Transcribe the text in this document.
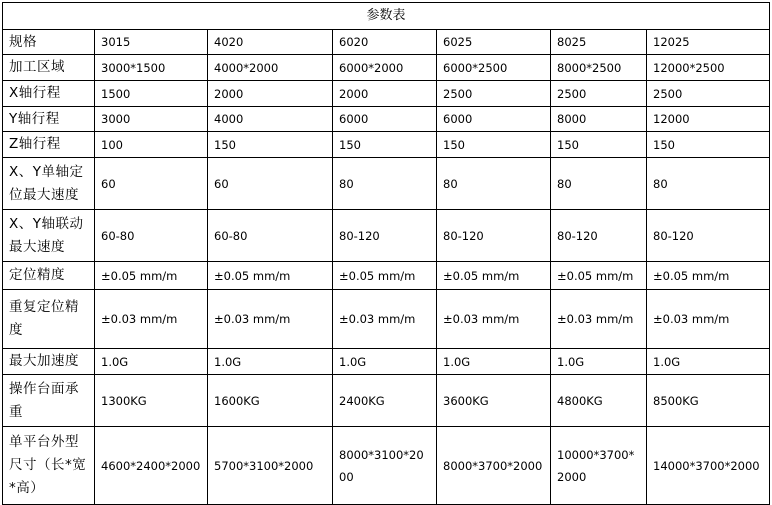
参数表						
规格	3015	4020	6020	6025	8025	12025
加工区域	3000*1500	4000*2000	6000*2000	6000*2500	8000*2500	12000*2500
X轴行程	1500	2000	2000	2500	2500	2500
Y轴行程	3000	4000	6000	6000	8000	12000
Z轴行程	100	150	150	150	150	150
X、Y单轴定位最大速度	60	60	80	80	80	80
X、Y轴联动最大速度	60-80	60-80	80-120	80-120	80-120	80-120
定位精度	±0.05 mm/m	±0.05 mm/m	±0.05 mm/m	±0.05 mm/m	±0.05 mm/m	±0.05 mm/m
重复定位精度	±0.03 mm/m	±0.03 mm/m	±0.03 mm/m	±0.03 mm/m	±0.03 mm/m	±0.03 mm/m
最大加速度	1.0G	1.0G	1.0G	1.0G	1.0G	1.0G
操作台面承重	1300KG	1600KG	2400KG	3600KG	4800KG	8500KG
单平台外型尺寸（长*宽*高）	4600*2400*2000	5700*3100*2000	8000*3100*2000	8000*3700*2000	10000*3700*2000	14000*3700*2000
